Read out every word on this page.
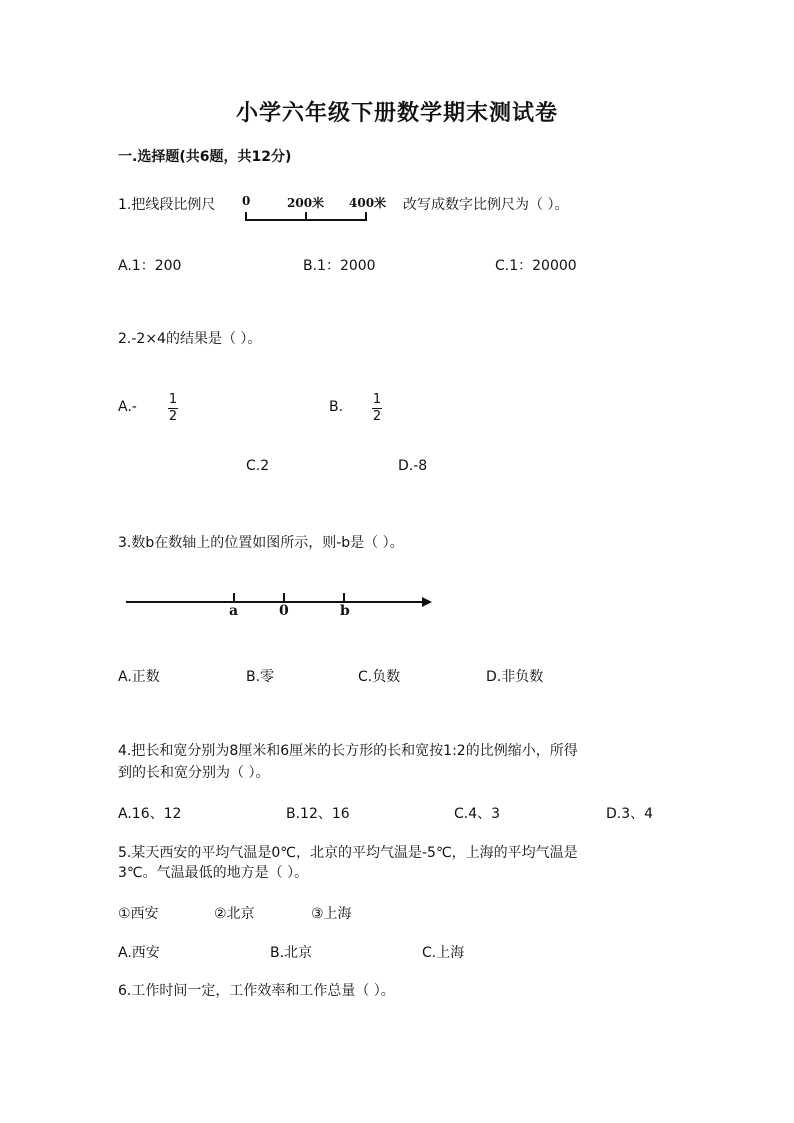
小学六年级下册数学期末测试卷
一.选择题(共6题，共12分)
1.把线段比例尺 0	200米 400米 改写成数字比例尺为（ ）。
A.1：200	B.1：2000	C.1：20000
2.-2×4的结果是（ ）。
A.- 1
2
B. 1
2
C.2	D.-8
3.数b在数轴上的位置如图所示，则-b是（ ）。
a	0	b
A.正数	B.零	C.负数	D.非负数
4.把长和宽分别为8厘米和6厘米的长方形的长和宽按1:2的比例缩小，所得
到的长和宽分别为（ ）。
A.16、12	B.12、16	C.4、3	D.3、4
5.某天西安的平均气温是0℃，北京的平均气温是-5℃，上海的平均气温是
3℃。气温最低的地方是（ ）。
①西安	②北京	③上海
A.西安	B.北京	C.上海
6.工作时间一定，工作效率和工作总量（ ）。
